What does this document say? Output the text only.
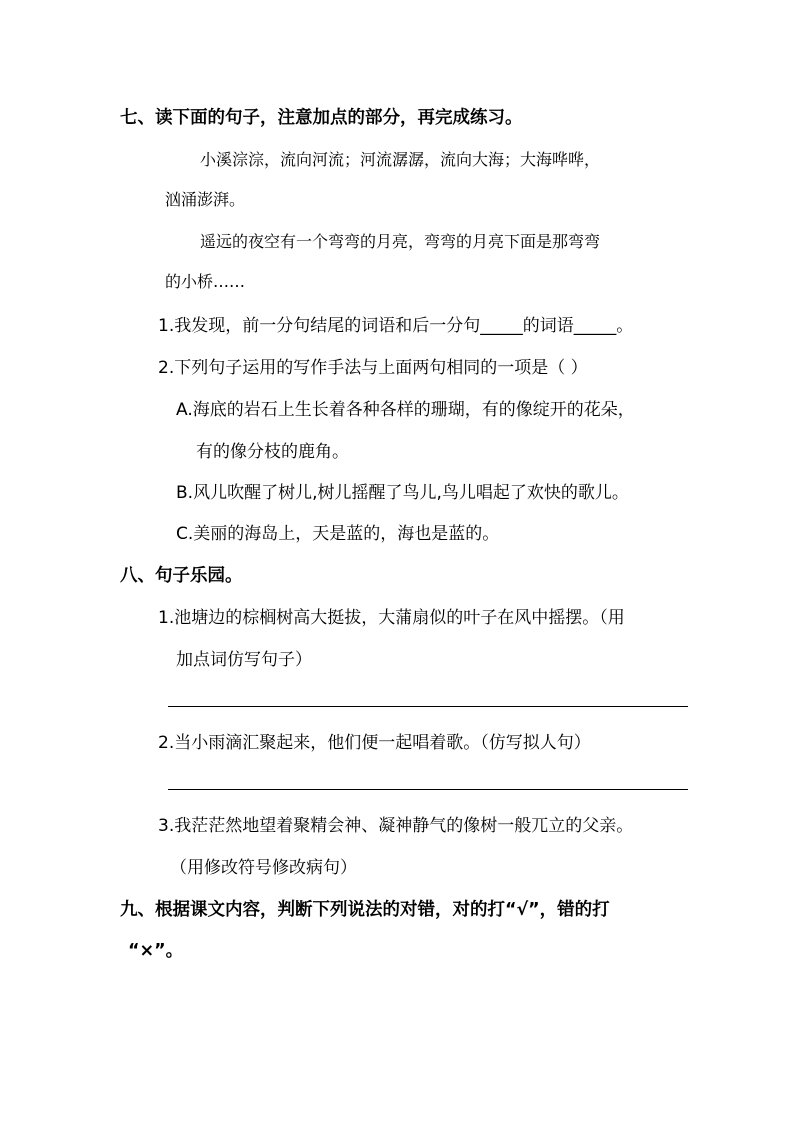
七、读下面的句子，注意加点的部分，再完成练习。
小溪淙淙，流向河流；河流潺潺，流向大海；大海哗哗，
汹涌澎湃。
遥远的夜空有一个弯弯的月亮，弯弯的月亮下面是那弯弯
的小桥……
1.我发现，前一分句结尾的词语和后一分句_____的词语_____。
2.下列句子运用的写作手法与上面两句相同的一项是（ ）
A.海底的岩石上生长着各种各样的珊瑚，有的像绽开的花朵，
有的像分枝的鹿角。
B.风儿吹醒了树儿,树儿摇醒了鸟儿,鸟儿唱起了欢快的歌儿。
C.美丽的海岛上，天是蓝的，海也是蓝的。
八、句子乐园。
1.池塘边的棕榈树高大挺拔，大蒲扇似的叶子在风中摇摆。（用
加点词仿写句子）
2.当小雨滴汇聚起来，他们便一起唱着歌。（仿写拟人句）
3.我茫茫然地望着聚精会神、凝神静气的像树一般兀立的父亲。
（用修改符号修改病句）
九、根据课文内容，判断下列说法的对错，对的打“√”，错的打
“×”。
